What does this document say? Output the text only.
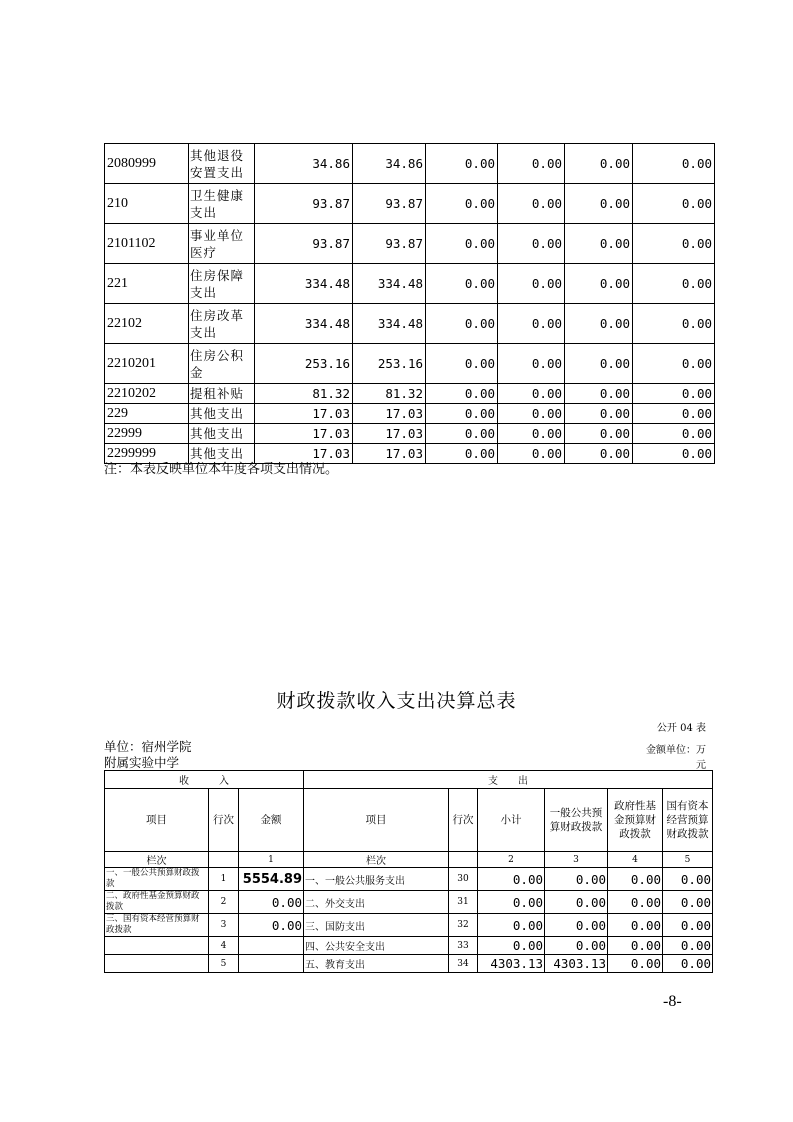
2080999	其他退役安置支出	34.86	34.86	0.00	0.00	0.00	0.00
210	卫生健康支出	93.87	93.87	0.00	0.00	0.00	0.00
2101102	事业单位医疗	93.87	93.87	0.00	0.00	0.00	0.00
221	住房保障支出	334.48	334.48	0.00	0.00	0.00	0.00
22102	住房改革支出	334.48	334.48	0.00	0.00	0.00	0.00
2210201	住房公积金	253.16	253.16	0.00	0.00	0.00	0.00
2210202	提租补贴	81.32	81.32	0.00	0.00	0.00	0.00
229	其他支出	17.03	17.03	0.00	0.00	0.00	0.00
22999	其他支出	17.03	17.03	0.00	0.00	0.00	0.00
2299999	其他支出	17.03	17.03	0.00	0.00	0.00	0.00
注：本表反映单位本年度各项支出情况。
财政拨款收入支出决算总表
公开 04 表
单位：宿州学院
附属实验中学
金额单位：万
元
收　　　入			支　　出					
项目	行次	金额	项目	行次	小计	一般公共预算财政拨款	政府性基金预算财政拨款	国有资本经营预算财政拨款
栏次		1	栏次		2	3	4	5
一、一般公共预算财政拨款	1	5554.89	一、一般公共服务支出	30	0.00	0.00	0.00	0.00
二、政府性基金预算财政拨款	2	0.00	二、外交支出	31	0.00	0.00	0.00	0.00
三、国有资本经营预算财政拨款	3	0.00	三、国防支出	32	0.00	0.00	0.00	0.00
	4		四、公共安全支出	33	0.00	0.00	0.00	0.00
	5		五、教育支出	34	4303.13	4303.13	0.00	0.00
-8-
